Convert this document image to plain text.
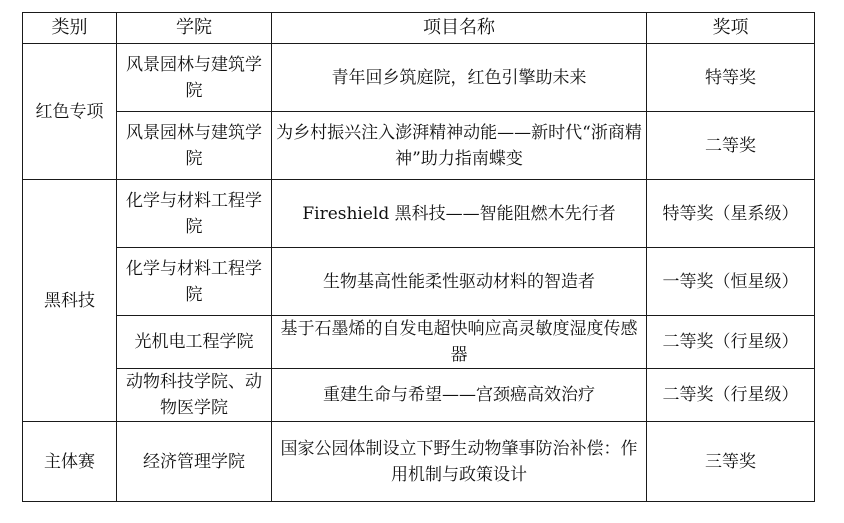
类别	学院	项目名称	奖项
红色专项	风景园林与建筑学院	青年回乡筑庭院，红色引擎助未来	特等奖
	风景园林与建筑学院	为乡村振兴注入澎湃精神动能——新时代“浙商精神”助力指南蝶变	二等奖
黑科技	化学与材料工程学院	Fireshield 黑科技——智能阻燃木先行者	特等奖（星系级）
	化学与材料工程学院	生物基高性能柔性驱动材料的智造者	一等奖（恒星级）
	光机电工程学院	基于石墨烯的自发电超快响应高灵敏度湿度传感器	二等奖（行星级）
	动物科技学院、动物医学院	重建生命与希望——宫颈癌高效治疗	二等奖（行星级）
主体赛	经济管理学院	国家公园体制设立下野生动物肇事防治补偿：作用机制与政策设计	三等奖
